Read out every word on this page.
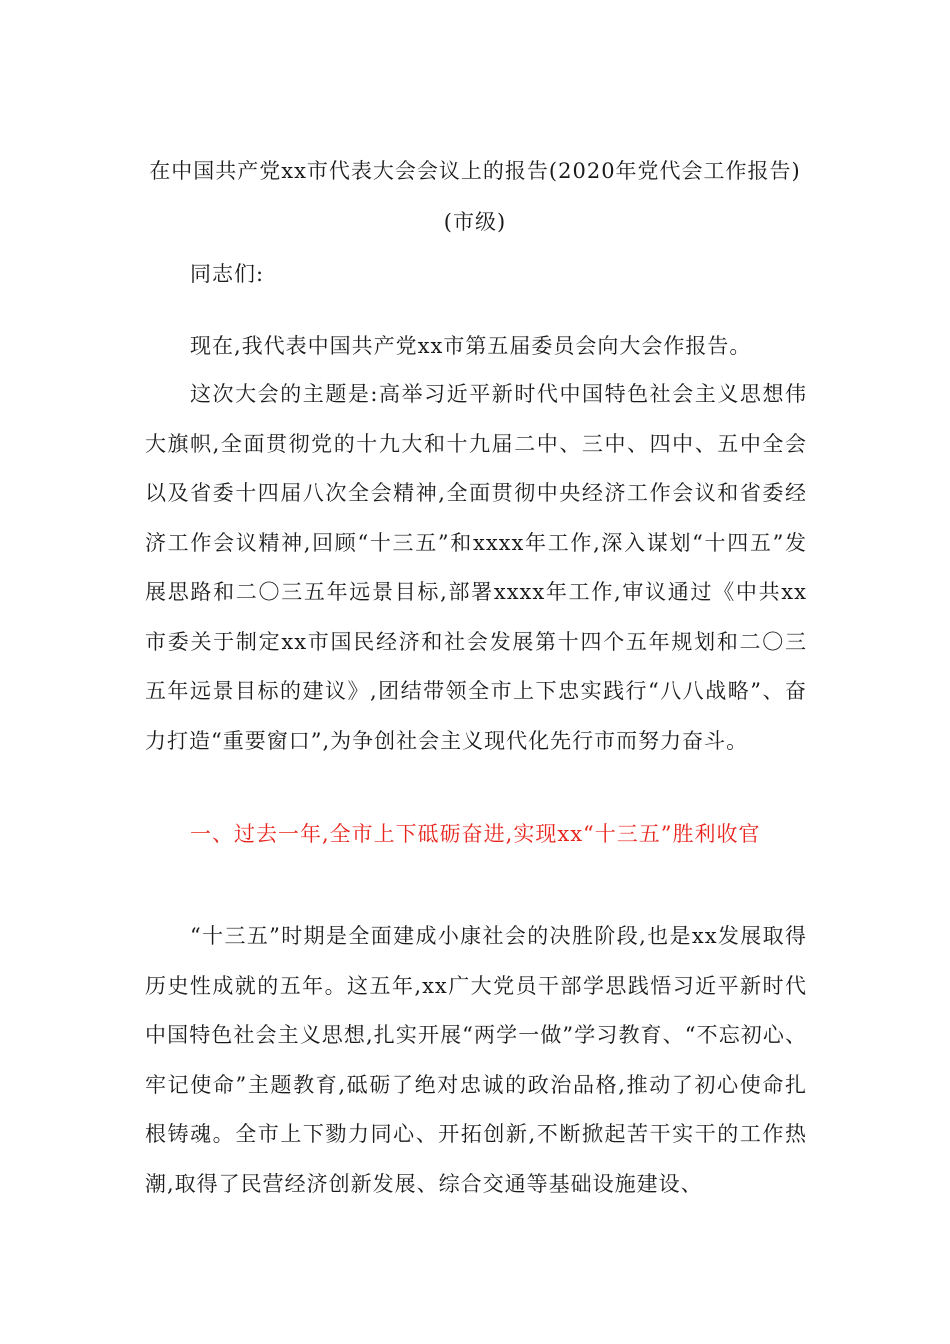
在中国共产党xx市代表大会会议上的报告(2020年党代会工作报告)
(市级)

同志们:

现在,我代表中国共产党xx市第五届委员会向大会作报告。

这次大会的主题是:高举习近平新时代中国特色社会主义思想伟大旗帜,全面贯彻党的十九大和十九届二中、三中、四中、五中全会以及省委十四届八次全会精神,全面贯彻中央经济工作会议和省委经济工作会议精神,回顾“十三五”和xxxx年工作,深入谋划“十四五”发展思路和二〇三五年远景目标,部署xxxx年工作,审议通过《中共xx市委关于制定xx市国民经济和社会发展第十四个五年规划和二〇三五年远景目标的建议》,团结带领全市上下忠实践行“八八战略”、奋力打造“重要窗口”,为争创社会主义现代化先行市而努力奋斗。

一、过去一年,全市上下砥砺奋进,实现xx“十三五”胜利收官

“十三五”时期是全面建成小康社会的决胜阶段,也是xx发展取得历史性成就的五年。这五年,xx广大党员干部学思践悟习近平新时代中国特色社会主义思想,扎实开展“两学一做”学习教育、“不忘初心、牢记使命”主题教育,砥砺了绝对忠诚的政治品格,推动了初心使命扎根铸魂。全市上下勠力同心、开拓创新,不断掀起苦干实干的工作热潮,取得了民营经济创新发展、综合交通等基础设施建设、
